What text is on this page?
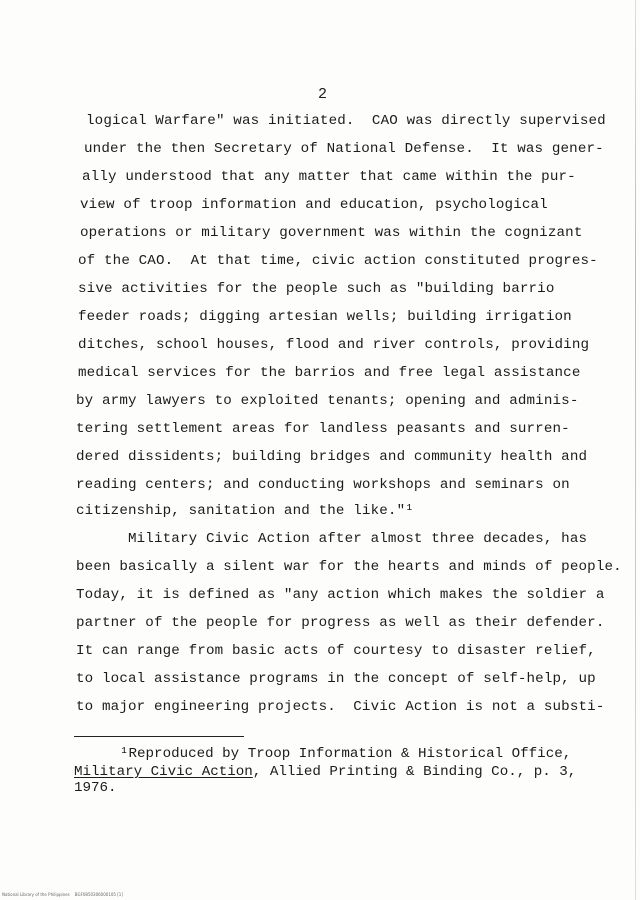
2
logical Warfare" was initiated.  CAO was directly supervised
under the then Secretary of National Defense.  It was gener-
ally understood that any matter that came within the pur-
view of troop information and education, psychological
operations or military government was within the cognizant
of the CAO.  At that time, civic action constituted progres-
sive activities for the people such as "building barrio
feeder roads; digging artesian wells; building irrigation
ditches, school houses, flood and river controls, providing
medical services for the barrios and free legal assistance
by army lawyers to exploited tenants; opening and adminis-
tering settlement areas for landless peasants and surren-
dered dissidents; building bridges and community health and
reading centers; and conducting workshops and seminars on
citizenship, sanitation and the like."¹
Military Civic Action after almost three decades, has
been basically a silent war for the hearts and minds of people.
Today, it is defined as "any action which makes the soldier a
partner of the people for progress as well as their defender.
It can range from basic acts of courtesy to disaster relief,
to local assistance programs in the concept of self-help, up
to major engineering projects.  Civic Action is not a substi-
¹Reproduced by Troop Information & Historical Office,
Military Civic Action, Allied Printing & Binding Co., p. 3,
1976.
National Library of the Philippines    BGF0850306000105 [1]
